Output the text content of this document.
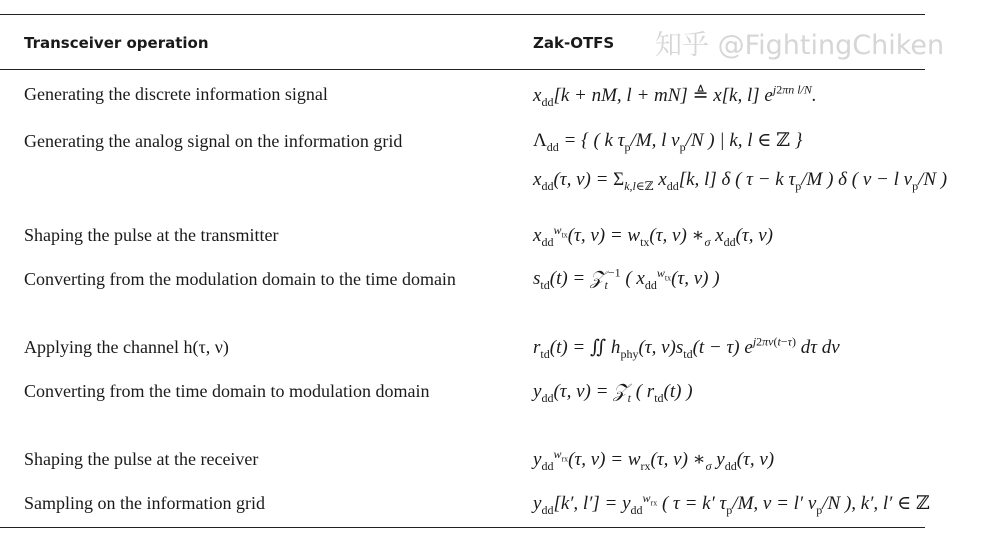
Transceiver operation	Zak-OTFS
Generating the discrete information signal	$x_{dd}[k$ + nM, l + mN] ≜ x[k, l] $e^{j2\pi n l/N}$.
Generating the analog signal on the information grid	$\Lambda_{dd}$ = { ( k $\tau_p/M$, l $\nu_p/N$ ) | k, l ∈ ℤ }
$x_{dd}(\tau$, $\nu) = \Sigma_{k,l\in ℤ}$ $x_{dd}[k$, l] δ ( τ − k $\tau_p/M$ ) δ ( ν − l $\nu_p/N$ )
Shaping the pulse at the transmitter	$x_{dd}^{w_{tx}}(\tau$, $\nu) = w_{tx}(\tau$, ν) $∗_\sigma$ $x_{dd}(\tau$, ν)
Converting from the modulation domain to the time domain	$s_{td}(t)$ = 𝒵$_t^{-1}$ ( $x_{dd}^{w_{tx}}(\tau$, ν) )
Applying the channel h(τ, ν)	$r_{td}(t)$ = ∬ $h_{phy}(\tau$, $\nu)s_{td}(t - \tau)$ $e^{j2\pi\nu(t-\tau)}$ dτ dν
Converting from the time domain to modulation domain	$y_{dd}(\tau$, ν) = 𝒵$_t$ ( $r_{td}(t)$ )
Shaping the pulse at the receiver	$y_{dd}^{w_{rx}}(\tau$, $\nu) = w_{rx}(\tau$, ν) $∗_\sigma$ $y_{dd}(\tau$, ν)
Sampling on the information grid	$y_{dd}[k'$, $l'] = y_{dd}^{w_{rx}}$ ( τ = k′ $\tau_p/M$, ν = l′ $\nu_p/N$ ), k′, l′ ∈ ℤ
知乎 @FightingChiken
